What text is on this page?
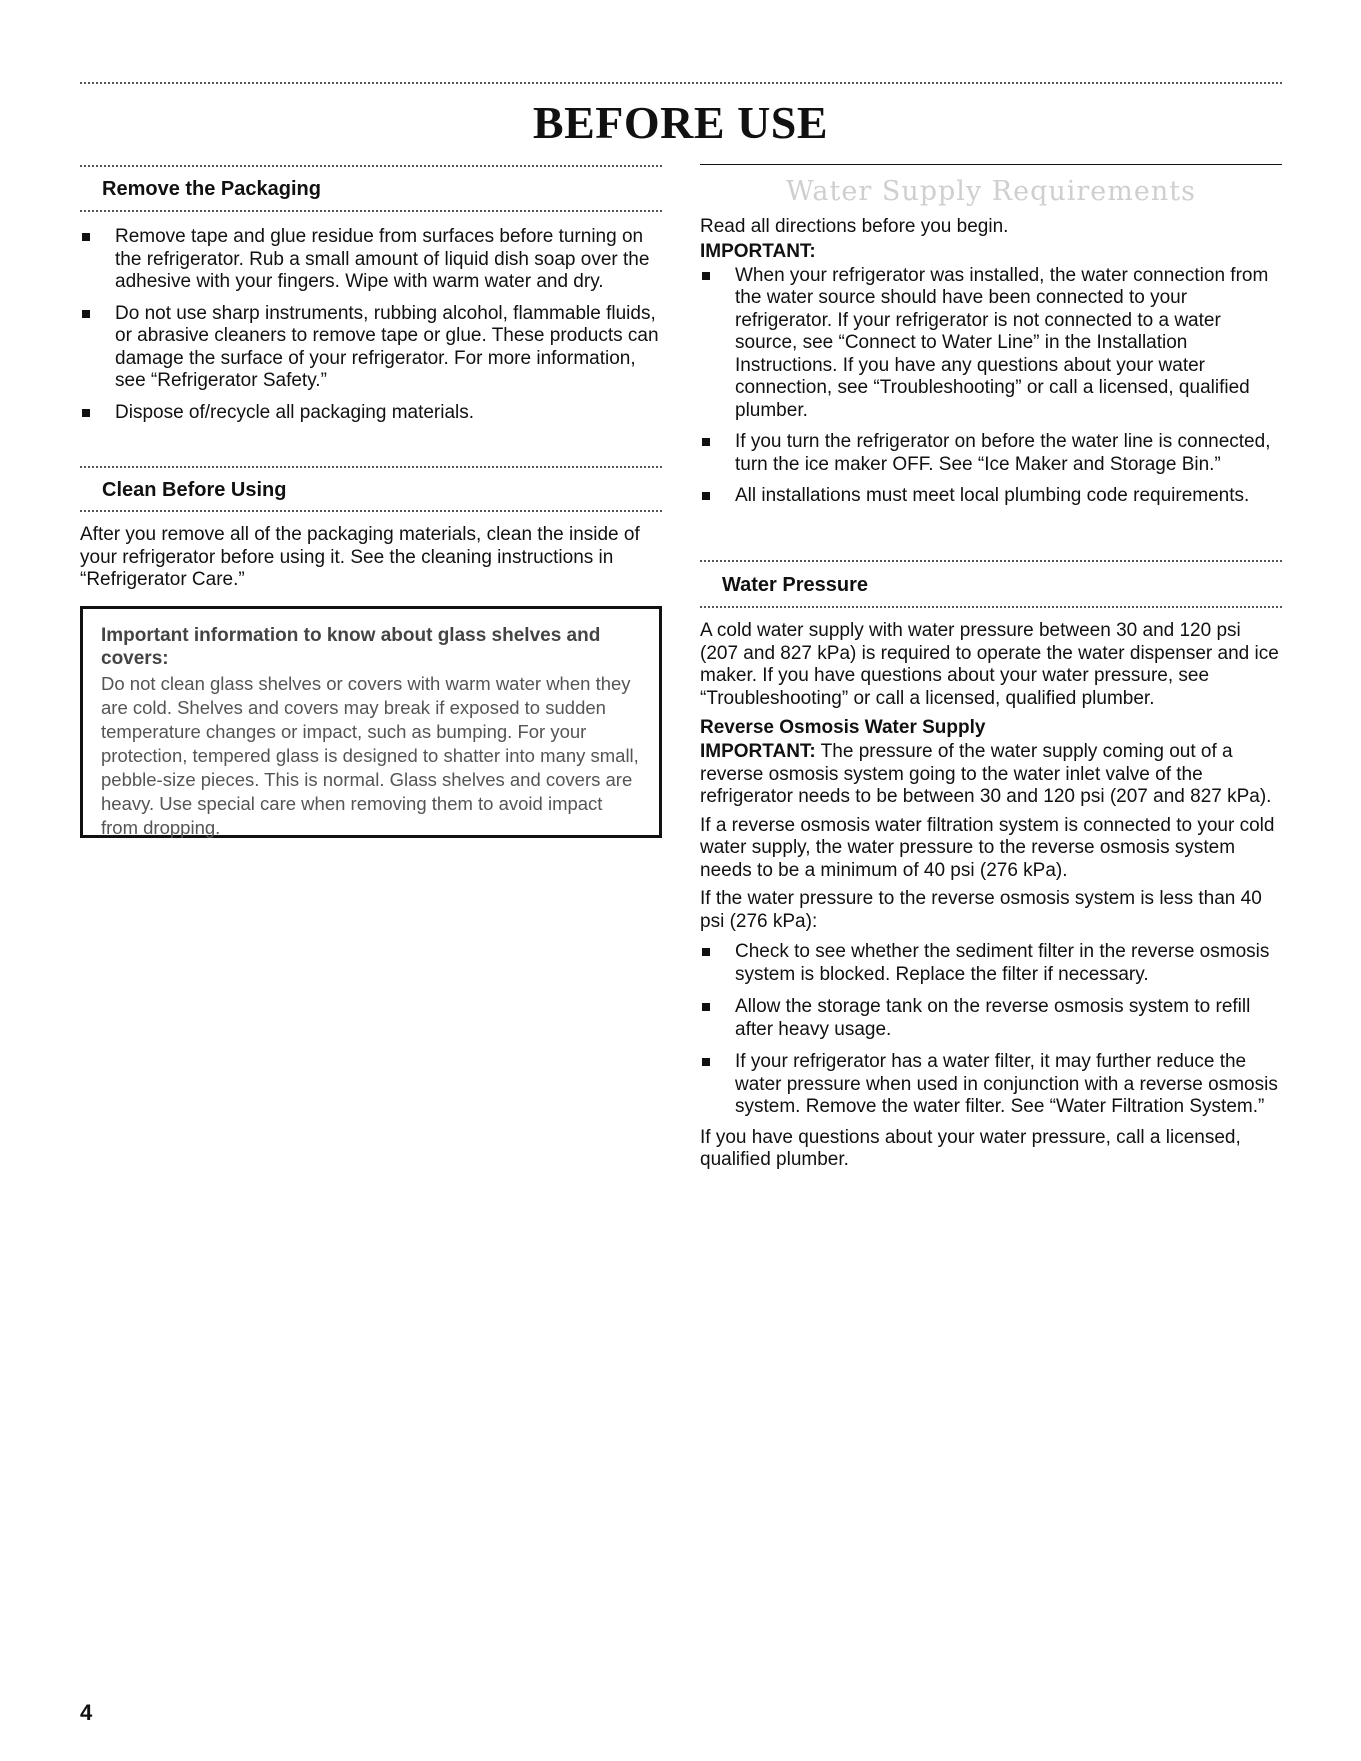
BEFORE USE
Remove the Packaging
Remove tape and glue residue from surfaces before turning on the refrigerator. Rub a small amount of liquid dish soap over the adhesive with your fingers. Wipe with warm water and dry.
Do not use sharp instruments, rubbing alcohol, flammable fluids, or abrasive cleaners to remove tape or glue. These products can damage the surface of your refrigerator. For more information, see “Refrigerator Safety.”
Dispose of/recycle all packaging materials.
Clean Before Using

After you remove all of the packaging materials, clean the inside of your refrigerator before using it. See the cleaning instructions in “Refrigerator Care.”

Important information to know about glass shelves and covers:
Do not clean glass shelves or covers with warm water when they are cold. Shelves and covers may break if exposed to sudden temperature changes or impact, such as bumping. For your protection, tempered glass is designed to shatter into many small, pebble-size pieces. This is normal. Glass shelves and covers are heavy. Use special care when removing them to avoid impact from dropping.
Water Supply Requirements

Read all directions before you begin.

IMPORTANT:
When your refrigerator was installed, the water connection from the water source should have been connected to your refrigerator. If your refrigerator is not connected to a water source, see “Connect to Water Line” in the Installation Instructions. If you have any questions about your water connection, see “Troubleshooting” or call a licensed, qualified plumber.
If you turn the refrigerator on before the water line is connected, turn the ice maker OFF. See “Ice Maker and Storage Bin.”
All installations must meet local plumbing code requirements.
Water Pressure

A cold water supply with water pressure between 30 and 120 psi (207 and 827 kPa) is required to operate the water dispenser and ice maker. If you have questions about your water pressure, see “Troubleshooting” or call a licensed, qualified plumber.

Reverse Osmosis Water Supply

IMPORTANT: The pressure of the water supply coming out of a reverse osmosis system going to the water inlet valve of the refrigerator needs to be between 30 and 120 psi (207 and 827 kPa).

If a reverse osmosis water filtration system is connected to your cold water supply, the water pressure to the reverse osmosis system needs to be a minimum of 40 psi (276 kPa).

If the water pressure to the reverse osmosis system is less than 40 psi (276 kPa):

Check to see whether the sediment filter in the reverse osmosis system is blocked. Replace the filter if necessary.
Allow the storage tank on the reverse osmosis system to refill after heavy usage.
If your refrigerator has a water filter, it may further reduce the water pressure when used in conjunction with a reverse osmosis system. Remove the water filter. See “Water Filtration System.”

If you have questions about your water pressure, call a licensed, qualified plumber.

4
